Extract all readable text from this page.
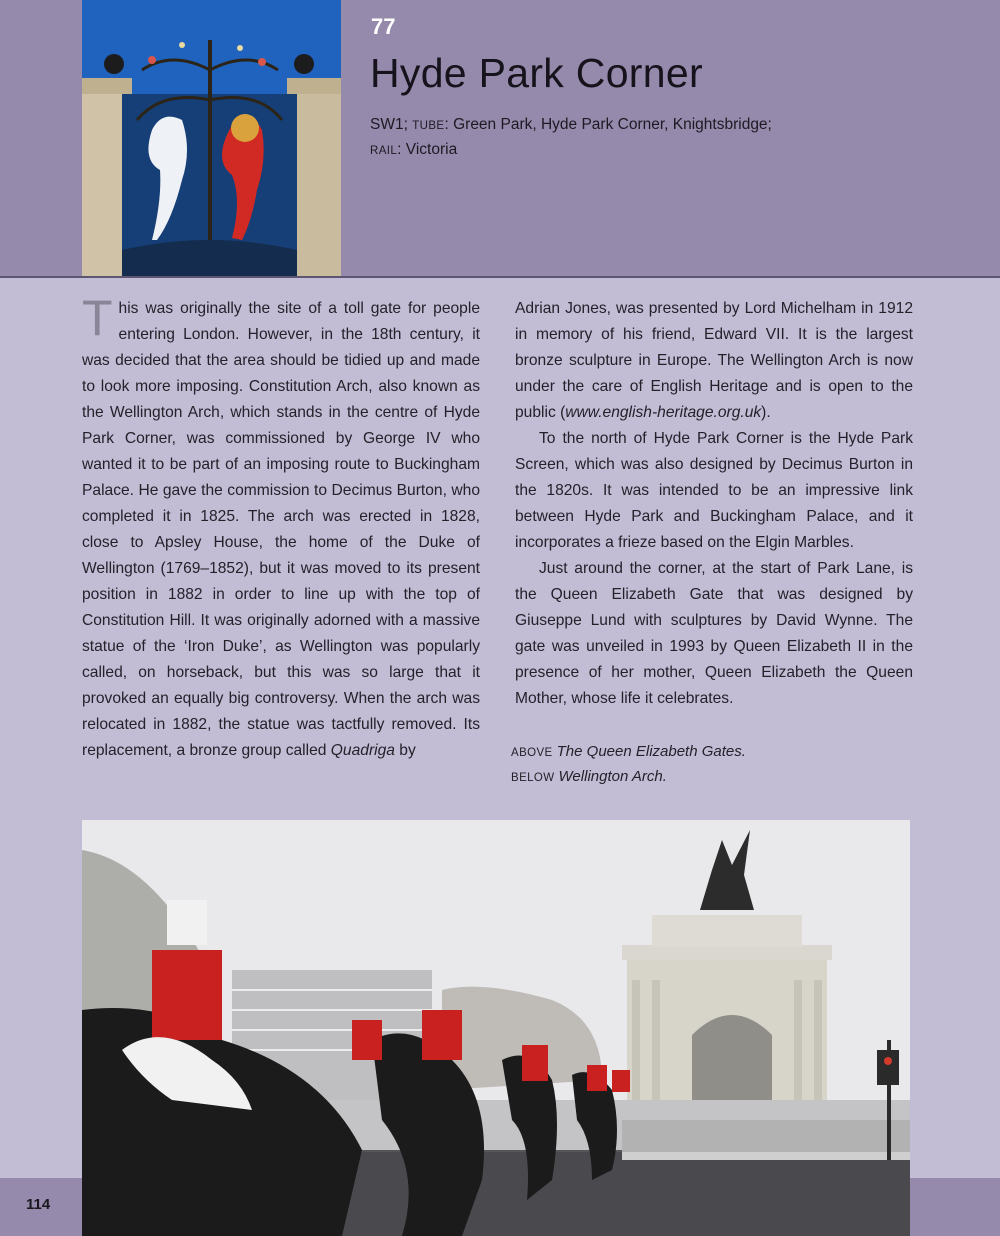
77
Hyde Park Corner
SW1; TUBE: Green Park, Hyde Park Corner, Knightsbridge;
RAIL: Victoria

This was originally the site of a toll gate for people entering London. However, in the 18th century, it was decided that the area should be tidied up and made to look more imposing. Constitution Arch, also known as the Wellington Arch, which stands in the centre of Hyde Park Corner, was commissioned by George IV who wanted it to be part of an imposing route to Buckingham Palace. He gave the commission to Decimus Burton, who completed it in 1825. The arch was erected in 1828, close to Apsley House, the home of the Duke of Wellington (1769–1852), but it was moved to its present position in 1882 in order to line up with the top of Constitution Hill. It was originally adorned with a massive statue of the ‘Iron Duke’, as Wellington was popularly called, on horseback, but this was so large that it provoked an equally big controversy. When the arch was relocated in 1882, the statue was tactfully removed. Its replacement, a bronze group called Quadriga by

Adrian Jones, was presented by Lord Michelham in 1912 in memory of his friend, Edward VII. It is the largest bronze sculpture in Europe. The Wellington Arch is now under the care of English Heritage and is open to the public (www.english-heritage.org.uk).

To the north of Hyde Park Corner is the Hyde Park Screen, which was also designed by Decimus Burton in the 1820s. It was intended to be an impressive link between Hyde Park and Buckingham Palace, and it incorporates a frieze based on the Elgin Marbles.

Just around the corner, at the start of Park Lane, is the Queen Elizabeth Gate that was designed by Giuseppe Lund with sculptures by David Wynne. The gate was unveiled in 1993 by Queen Elizabeth II in the presence of her mother, Queen Elizabeth the Queen Mother, whose life it celebrates.

ABOVE The Queen Elizabeth Gates.
BELOW Wellington Arch.
114
